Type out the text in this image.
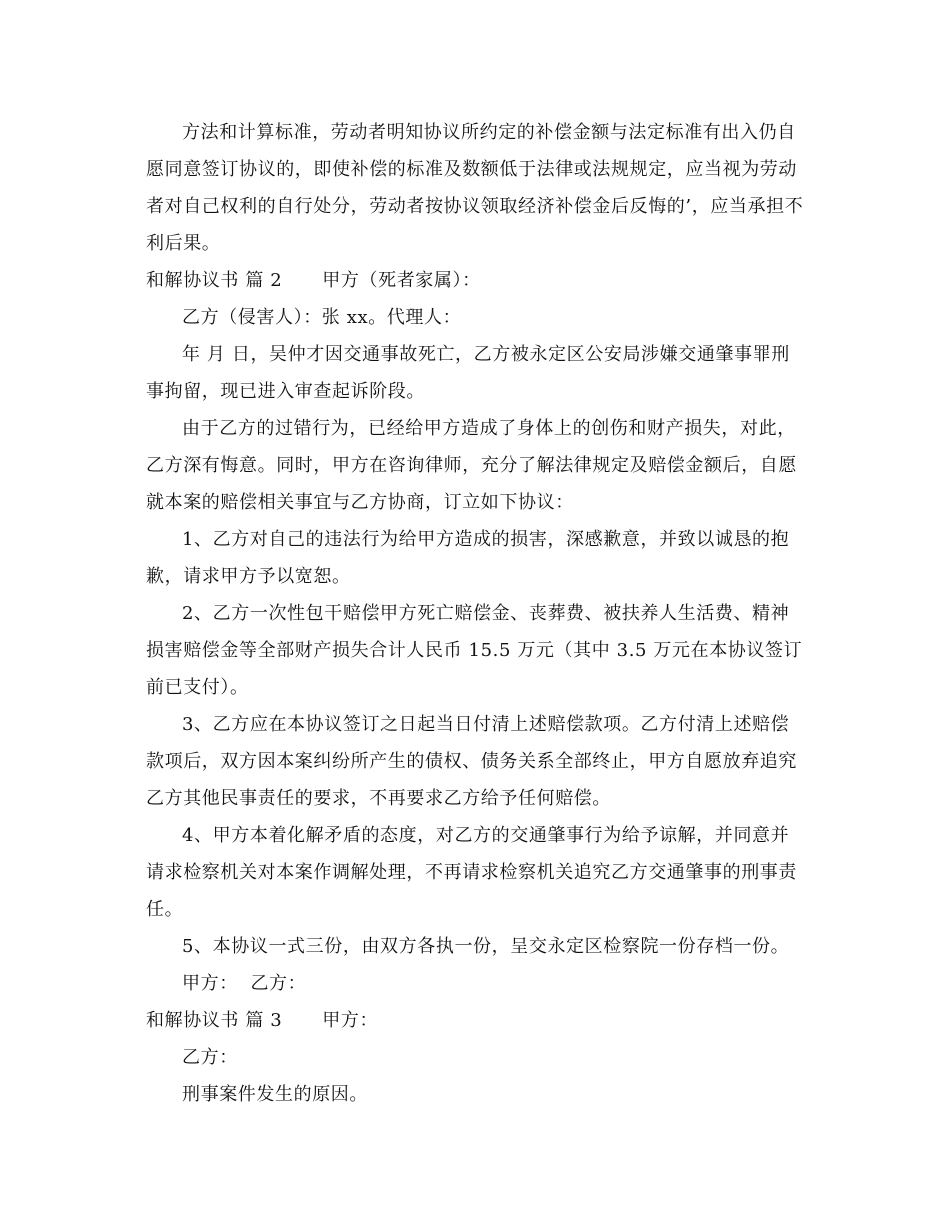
方法和计算标准，劳动者明知协议所约定的补偿金额与法定标准有出入仍自愿同意签订协议的，即使补偿的标准及数额低于法律或法规规定，应当视为劳动者对自己权利的自行处分，劳动者按协议领取经济补偿金后反悔的’，应当承担不利后果。

和解协议书 篇 2 甲方（死者家属）：

乙方（侵害人）：张 xx。代理人：

年 月 日，吴仲才因交通事故死亡，乙方被永定区公安局涉嫌交通肇事罪刑事拘留，现已进入审查起诉阶段。

由于乙方的过错行为，已经给甲方造成了身体上的创伤和财产损失，对此，乙方深有悔意。同时，甲方在咨询律师，充分了解法律规定及赔偿金额后，自愿就本案的赔偿相关事宜与乙方协商，订立如下协议：

1、乙方对自己的违法行为给甲方造成的损害，深感歉意，并致以诚恳的抱歉，请求甲方予以宽恕。

2、乙方一次性包干赔偿甲方死亡赔偿金、丧葬费、被扶养人生活费、精神损害赔偿金等全部财产损失合计人民币 15.5 万元（其中 3.5 万元在本协议签订前已支付）。

3、乙方应在本协议签订之日起当日付清上述赔偿款项。乙方付清上述赔偿款项后，双方因本案纠纷所产生的债权、债务关系全部终止，甲方自愿放弃追究乙方其他民事责任的要求，不再要求乙方给予任何赔偿。

4、甲方本着化解矛盾的态度，对乙方的交通肇事行为给予谅解，并同意并请求检察机关对本案作调解处理，不再请求检察机关追究乙方交通肇事的刑事责任。

5、本协议一式三份，由双方各执一份，呈交永定区检察院一份存档一份。

甲方：  乙方：

和解协议书 篇 3 甲方：

乙方：

刑事案件发生的原因。
